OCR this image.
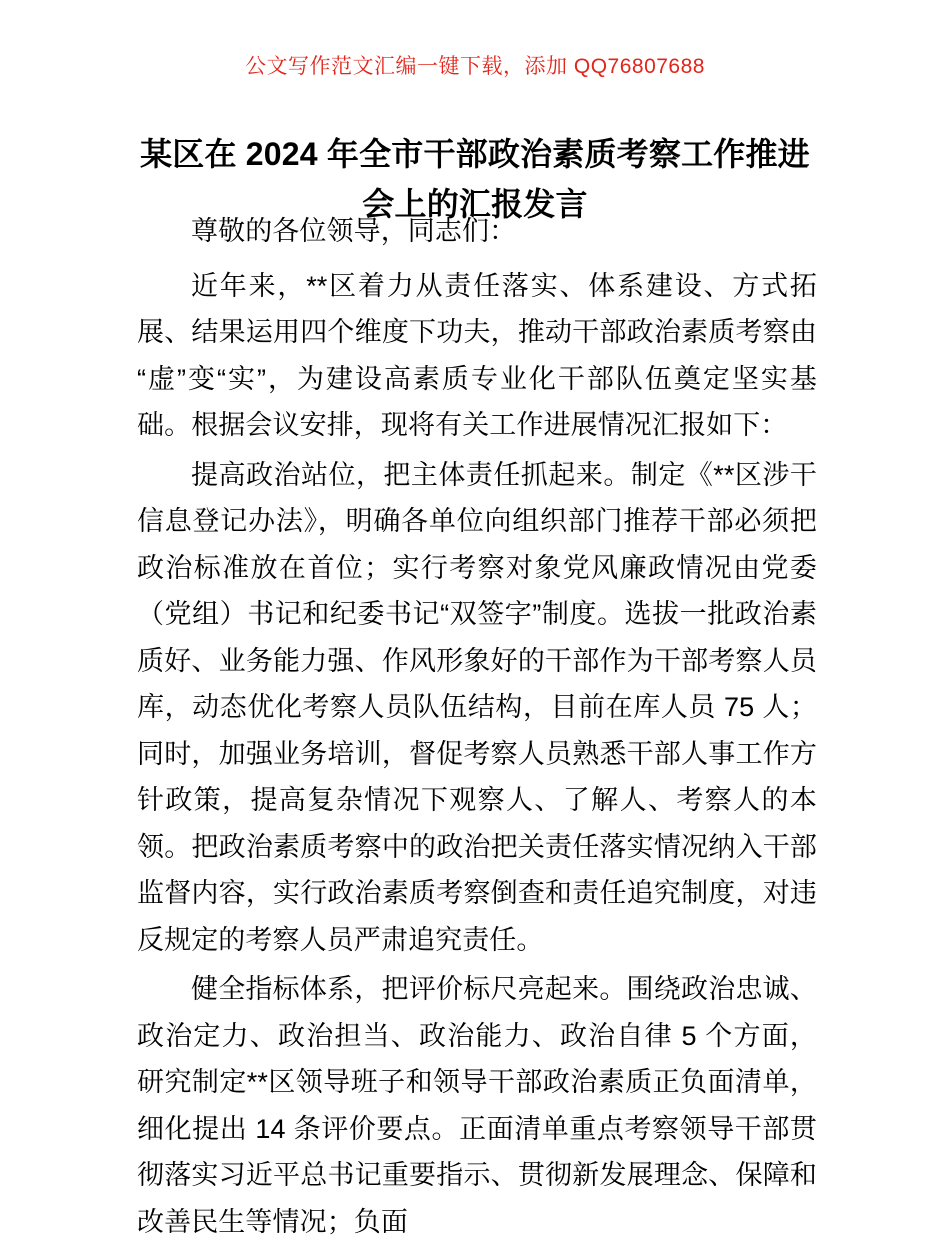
公文写作范文汇编一键下载，添加 QQ76807688
某区在 2024 年全市干部政治素质考察工作推进会上的汇报发言

尊敬的各位领导，同志们：

近年来，**区着力从责任落实、体系建设、方式拓展、结果运用四个维度下功夫，推动干部政治素质考察由“虚”变“实”，为建设高素质专业化干部队伍奠定坚实基础。根据会议安排，现将有关工作进展情况汇报如下：

提高政治站位，把主体责任抓起来。制定《**区涉干信息登记办法》，明确各单位向组织部门推荐干部必须把政治标准放在首位；实行考察对象党风廉政情况由党委（党组）书记和纪委书记“双签字”制度。选拔一批政治素质好、业务能力强、作风形象好的干部作为干部考察人员库，动态优化考察人员队伍结构，目前在库人员 75 人；同时，加强业务培训，督促考察人员熟悉干部人事工作方针政策，提高复杂情况下观察人、了解人、考察人的本领。把政治素质考察中的政治把关责任落实情况纳入干部监督内容，实行政治素质考察倒查和责任追究制度，对违反规定的考察人员严肃追究责任。

健全指标体系，把评价标尺亮起来。围绕政治忠诚、政治定力、政治担当、政治能力、政治自律 5 个方面，研究制定**区领导班子和领导干部政治素质正负面清单，细化提出 14 条评价要点。正面清单重点考察领导干部贯彻落实习近平总书记重要指示、贯彻新发展理念、保障和改善民生等情况；负面
